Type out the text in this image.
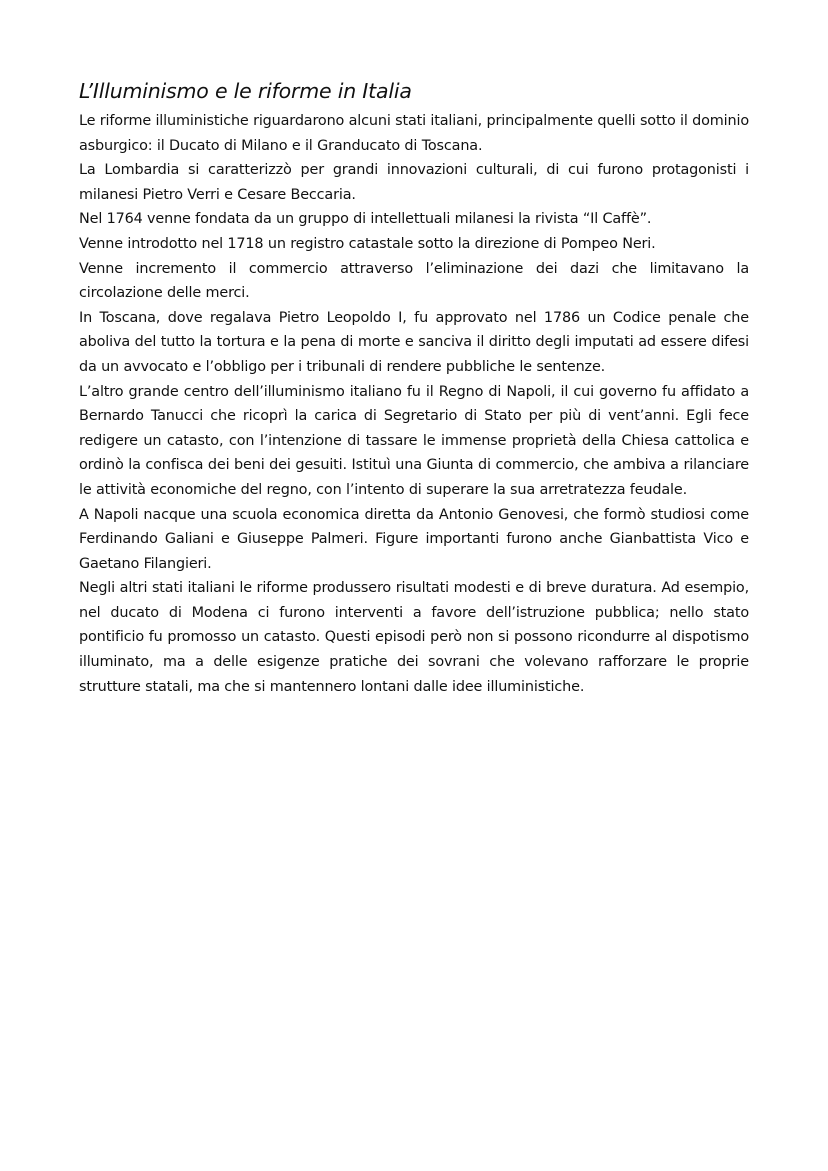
L’Illuminismo e le riforme in Italia

Le riforme illuministiche riguardarono alcuni stati italiani, principalmente quelli sotto il dominio asburgico: il Ducato di Milano e il Granducato di Toscana.

La Lombardia si caratterizzò per grandi innovazioni culturali, di cui furono protagonisti i milanesi Pietro Verri e Cesare Beccaria.

Nel 1764 venne fondata da un gruppo di intellettuali milanesi la rivista “Il Caffè”.

Venne introdotto nel 1718 un registro catastale sotto la direzione di Pompeo Neri.

Venne incremento il commercio attraverso l’eliminazione dei dazi che limitavano la circolazione delle merci.

In Toscana, dove regalava Pietro Leopoldo I, fu approvato nel 1786 un Codice penale che aboliva del tutto la tortura e la pena di morte e sanciva il diritto degli imputati ad essere difesi da un avvocato e l’obbligo per i tribunali di rendere pubbliche le sentenze.

L’altro grande centro dell’illuminismo italiano fu il Regno di Napoli, il cui governo fu affidato a Bernardo Tanucci che ricoprì la carica di Segretario di Stato per più di vent’anni. Egli fece redigere un catasto, con l’intenzione di tassare le immense proprietà della Chiesa cattolica e ordinò la confisca dei beni dei gesuiti. Istituì una Giunta di commercio, che ambiva a rilanciare le attività economiche del regno, con l’intento di superare la sua arretratezza feudale.

A Napoli nacque una scuola economica diretta da Antonio Genovesi, che formò studiosi come Ferdinando Galiani e Giuseppe Palmeri. Figure importanti furono anche Gianbattista Vico e Gaetano Filangieri.

Negli altri stati italiani le riforme produssero risultati modesti e di breve duratura. Ad esempio, nel ducato di Modena ci furono interventi a favore dell’istruzione pubblica; nello stato pontificio fu promosso un catasto. Questi episodi però non si possono ricondurre al dispotismo illuminato, ma a delle esigenze pratiche dei sovrani che volevano rafforzare le proprie strutture statali, ma che si mantennero lontani dalle idee illuministiche.
